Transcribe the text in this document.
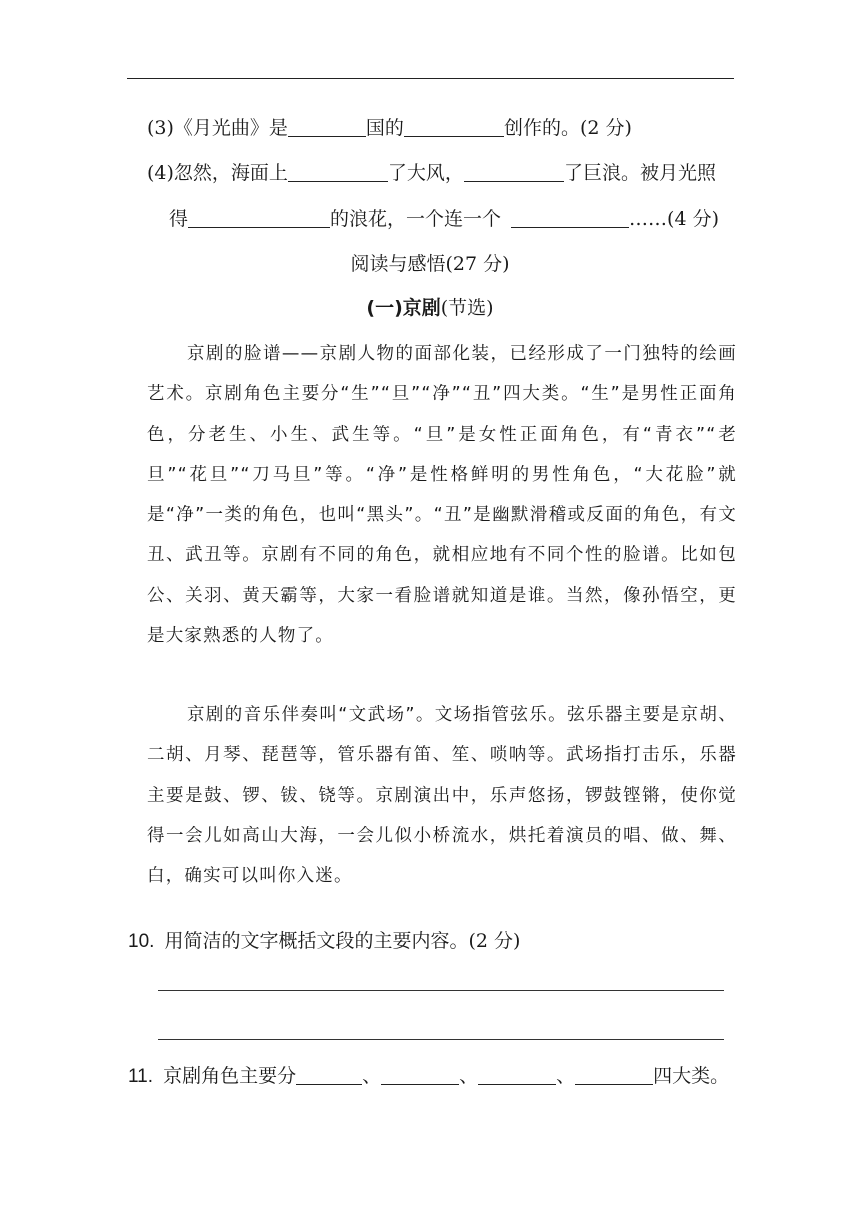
(3)《月光曲》是	国的	创作的。(2 分)
(4)忽然，海面上	了大风，	了巨浪。被月光照
得	的浪花，一个连一个	……(4 分)
阅读与感悟(27 分)
(一)京剧(节选)
京剧的脸谱——京剧人物的面部化装，已经形成了一门独特的绘画艺术。京剧角色主要分“生”“旦”“净”“丑”四大类。“生”是男性正面角色，分老生、小生、武生等。“旦”是女性正面角色，有“青衣”“老旦”“花旦”“刀马旦”等。“净”是性格鲜明的男性角色，“大花脸”就是“净”一类的角色，也叫“黑头”。“丑”是幽默滑稽或反面的角色，有文丑、武丑等。京剧有不同的角色，就相应地有不同个性的脸谱。比如包公、关羽、黄天霸等，大家一看脸谱就知道是谁。当然，像孙悟空，更是大家熟悉的人物了。
京剧的音乐伴奏叫“文武场”。文场指管弦乐。弦乐器主要是京胡、二胡、月琴、琵琶等，管乐器有笛、笙、唢呐等。武场指打击乐，乐器主要是鼓、锣、钹、铙等。京剧演出中，乐声悠扬，锣鼓铿锵，使你觉得一会儿如高山大海，一会儿似小桥流水，烘托着演员的唱、做、舞、白，确实可以叫你入迷。
10. 用简洁的文字概括文段的主要内容。(2 分)
11. 京剧角色主要分	、	、	、	四大类。
